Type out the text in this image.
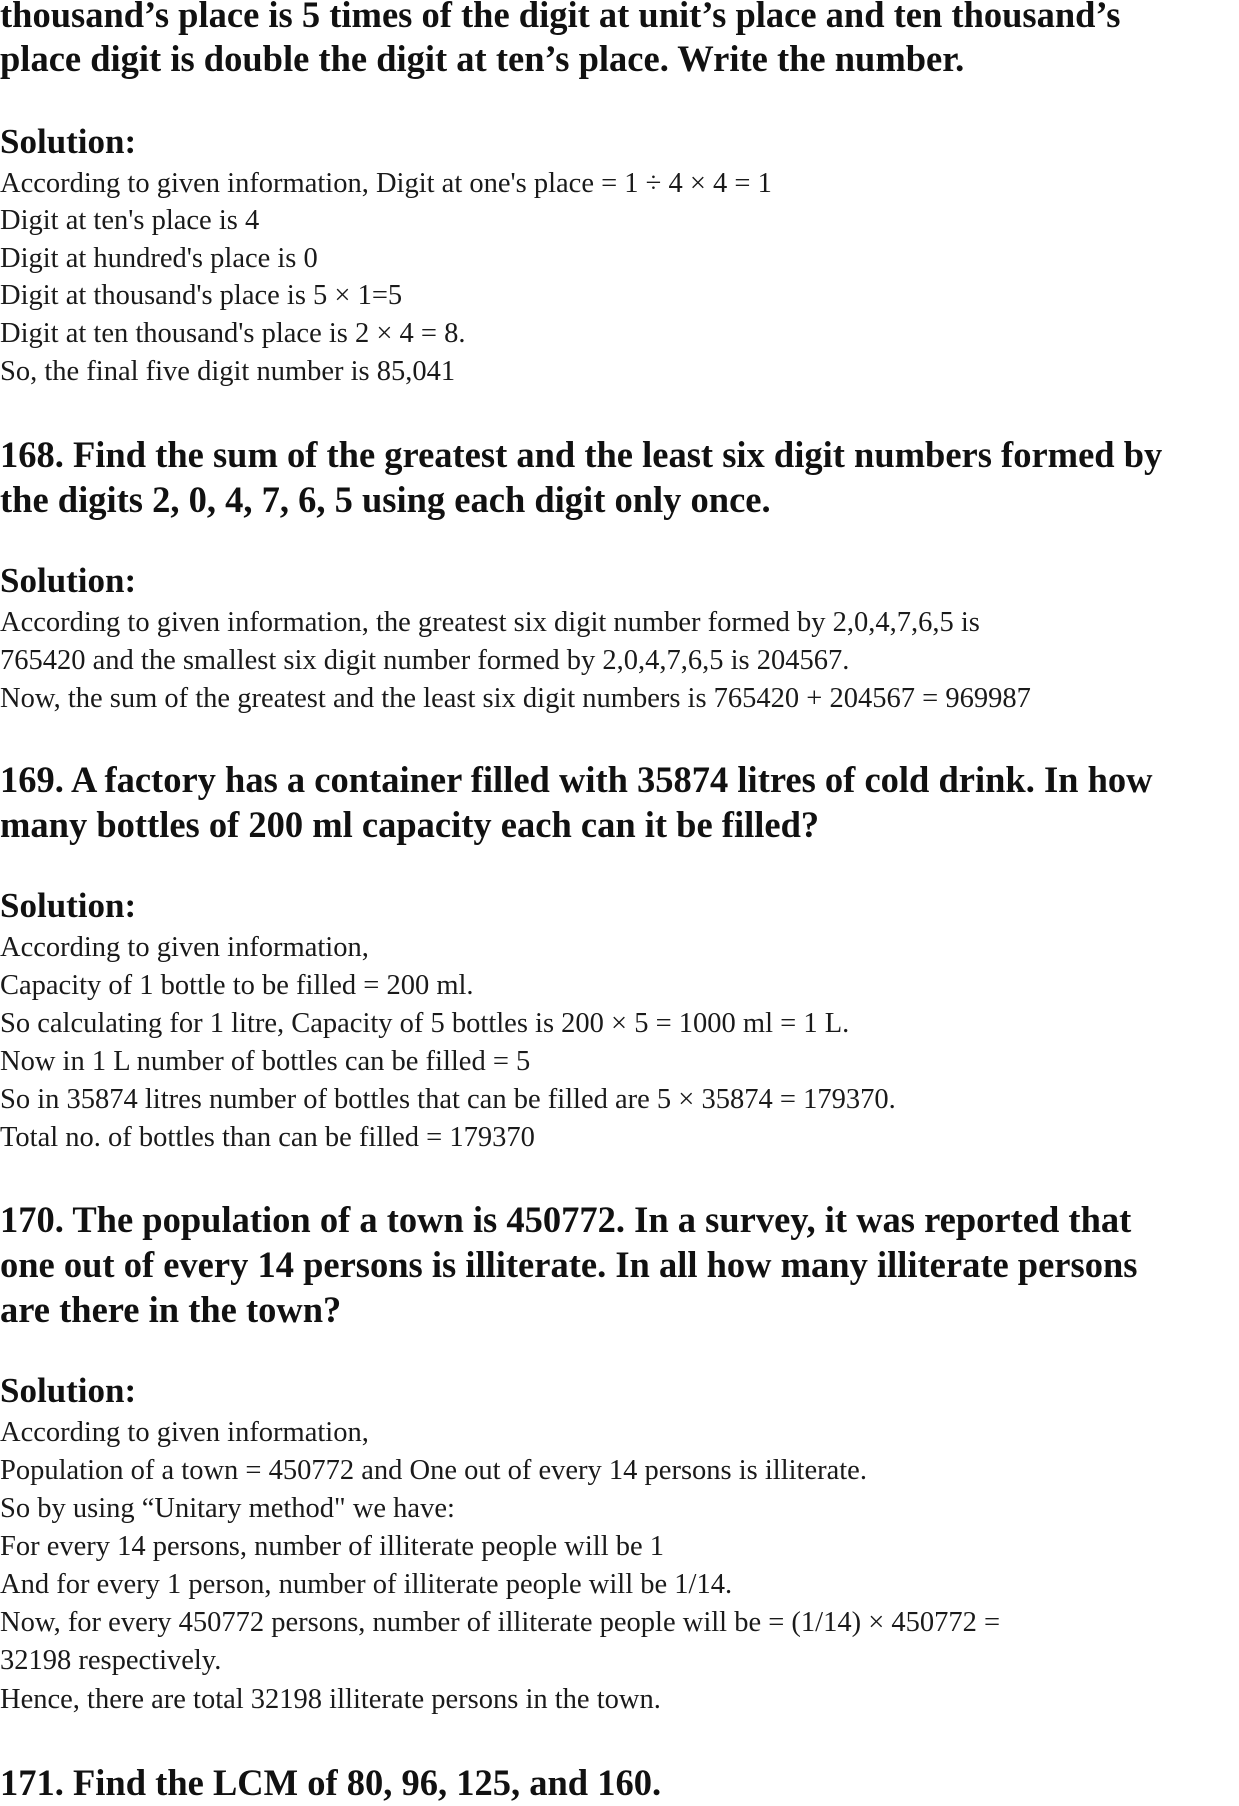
thousand’s place is 5 times of the digit at unit’s place and ten thousand’s
place digit is double the digit at ten’s place. Write the number.
Solution:
According to given information, Digit at one's place = 1 ÷ 4 × 4 = 1
Digit at ten's place is 4
Digit at hundred's place is 0
Digit at thousand's place is 5 × 1=5
Digit at ten thousand's place is 2 × 4 = 8.
So, the final five digit number is 85,041
168. Find the sum of the greatest and the least six digit numbers formed by
the digits 2, 0, 4, 7, 6, 5 using each digit only once.
Solution:
According to given information, the greatest six digit number formed by 2,0,4,7,6,5 is
765420 and the smallest six digit number formed by 2,0,4,7,6,5 is 204567.
Now, the sum of the greatest and the least six digit numbers is 765420 + 204567 = 969987
169. A factory has a container filled with 35874 litres of cold drink. In how
many bottles of 200 ml capacity each can it be filled?
Solution:
According to given information,
Capacity of 1 bottle to be filled = 200 ml.
So calculating for 1 litre, Capacity of 5 bottles is 200 × 5 = 1000 ml = 1 L.
Now in 1 L number of bottles can be filled = 5
So in 35874 litres number of bottles that can be filled are 5 × 35874 = 179370.
Total no. of bottles than can be filled = 179370
170. The population of a town is 450772. In a survey, it was reported that
one out of every 14 persons is illiterate. In all how many illiterate persons
are there in the town?
Solution:
According to given information,
Population of a town = 450772 and One out of every 14 persons is illiterate.
So by using “Unitary method" we have:
For every 14 persons, number of illiterate people will be 1
And for every 1 person, number of illiterate people will be 1/14.
Now, for every 450772 persons, number of illiterate people will be = (1/14) × 450772 =
32198 respectively.
Hence, there are total 32198 illiterate persons in the town.
171. Find the LCM of 80, 96, 125, and 160.
